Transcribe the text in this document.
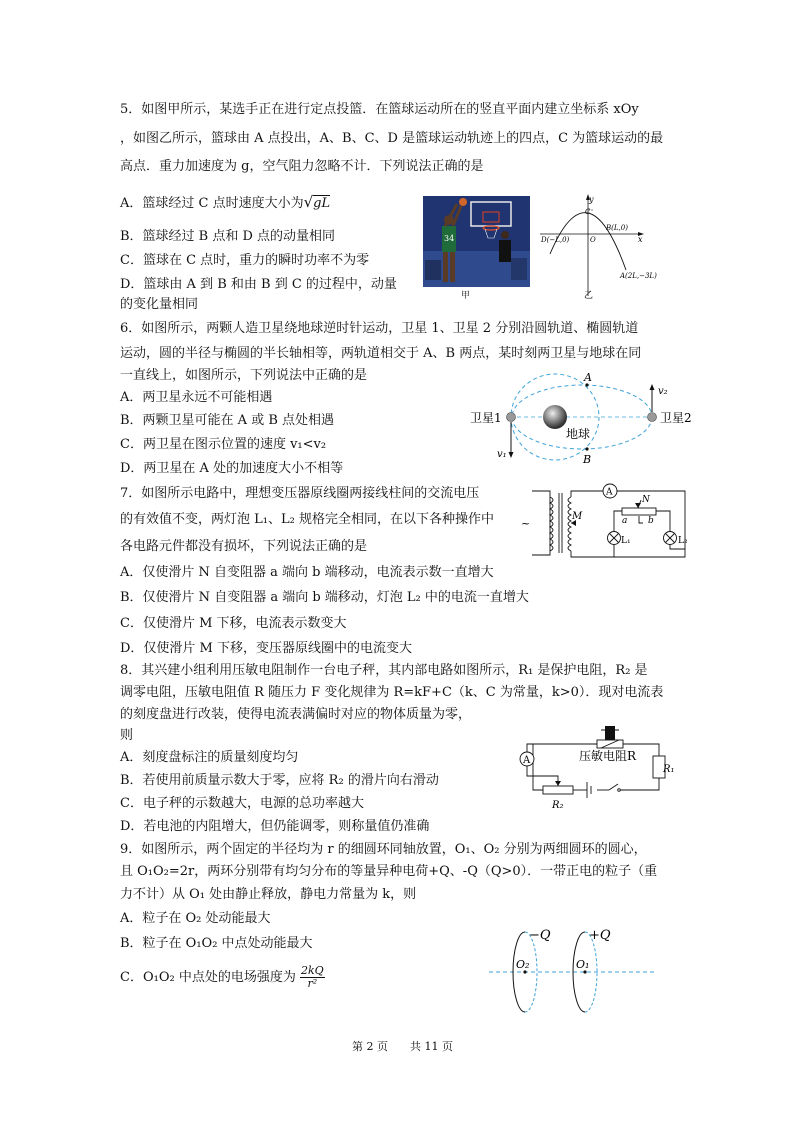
5．如图甲所示，某选手正在进行定点投篮．在篮球运动所在的竖直平面内建立坐标系 xOy
，如图乙所示，篮球由 A 点投出，A、B、C、D 是篮球运动轨迹上的四点，C 为篮球运动的最
高点．重力加速度为 g，空气阻力忽略不计．下列说法正确的是
A．篮球经过 C 点时速度大小为√gL
B．篮球经过 B 点和 D 点的动量相同
C．篮球在 C 点时，重力的瞬时功率不为零
D．篮球由 A 到 B 和由 B 到 C 的过程中，动量
的变化量相同
34
甲
y
x
C
O
B(L,0)
D(−L,0)
A(2L,−3L)
乙
6．如图所示，两颗人造卫星绕地球逆时针运动，卫星 1、卫星 2 分别沿圆轨道、椭圆轨道
运动，圆的半径与椭圆的半长轴相等，两轨道相交于 A、B 两点，某时刻两卫星与地球在同
一直线上，如图所示，下列说法中正确的是
A．两卫星永远不可能相遇
B．两颗卫星可能在 A 或 B 点处相遇
C．两卫星在图示位置的速度 v₁<v₂
D．两卫星在 A 处的加速度大小不相等
卫星1	卫星2
地球
A
B
v₁
v₂
7．如图所示电路中，理想变压器原线圈两接线柱间的交流电压
的有效值不变，两灯泡 L₁、L₂ 规格完全相同，在以下各种操作中
各电路元件都没有损坏，下列说法正确的是
A．仅使滑片 N 自变阻器 a 端向 b 端移动，电流表示数一直增大
B．仅使滑片 N 自变阻器 a 端向 b 端移动，灯泡 L₂ 中的电流一直增大
C．仅使滑片 M 下移，电流表示数变大
D．仅使滑片 M 下移，变压器原线圈中的电流变大
A
~
M
N
a b
L₁	L₂
8．其兴建小组利用压敏电阻制作一台电子秤，其内部电路如图所示，R₁ 是保护电阻，R₂ 是
调零电阻，压敏电阻值 R 随压力 F 变化规律为 R=kF+C（k、C 为常量，k>0）．现对电流表
的刻度盘进行改装，使得电流表满偏时对应的物体质量为零，
则
A．刻度盘标注的质量刻度均匀
B．若使用前质量示数大于零，应将 R₂ 的滑片向右滑动
C．电子秤的示数越大，电源的总功率越大
D．若电池的内阻增大，但仍能调零，则称量值仍准确
A	压敏电阻R
R₁
R₂
9．如图所示，两个固定的半径均为 r 的细圆环同轴放置，O₁、O₂ 分别为两细圆环的圆心，
且 O₁O₂=2r，两环分别带有均匀分布的等量异种电荷+Q、-Q（Q>0）．一带正电的粒子（重
力不计）从 O₁ 处由静止释放，静电力常量为 k，则
A．粒子在 O₂ 处动能最大
B．粒子在 O₁O₂ 中点处动能最大
C．O₁O₂ 中点处的电场强度为 $\frac{2kQ}{\text{r²}}$
−Q	+Q
O₂	O₁
第 2 页　　共 11 页
